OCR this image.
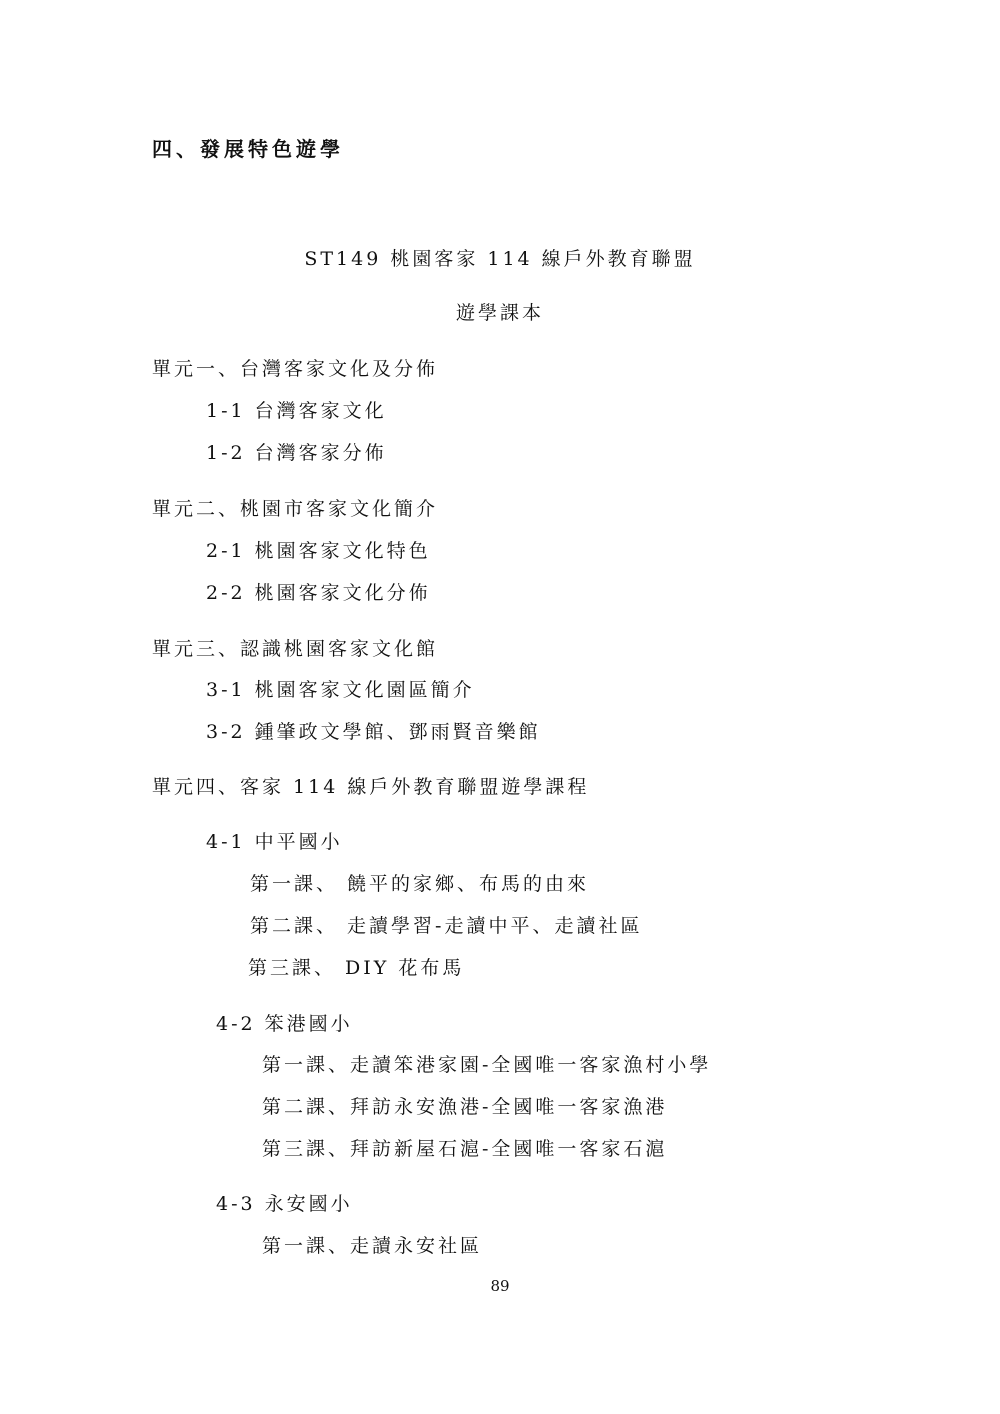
四、發展特色遊學
ST149 桃園客家 114 線戶外教育聯盟
遊學課本
單元一、台灣客家文化及分佈
1-1 台灣客家文化
1-2 台灣客家分佈
單元二、桃園市客家文化簡介
2-1 桃園客家文化特色
2-2 桃園客家文化分佈
單元三、認識桃園客家文化館
3-1 桃園客家文化園區簡介
3-2 鍾肇政文學館、鄧雨賢音樂館
單元四、客家 114 線戶外教育聯盟遊學課程
4-1 中平國小
第一課、 饒平的家鄉、布馬的由來
第二課、 走讀學習-走讀中平、走讀社區
第三課、 DIY 花布馬
4-2 笨港國小
第一課、走讀笨港家園-全國唯一客家漁村小學
第二課、拜訪永安漁港-全國唯一客家漁港
第三課、拜訪新屋石滬-全國唯一客家石滬
4-3 永安國小
第一課、走讀永安社區
89
